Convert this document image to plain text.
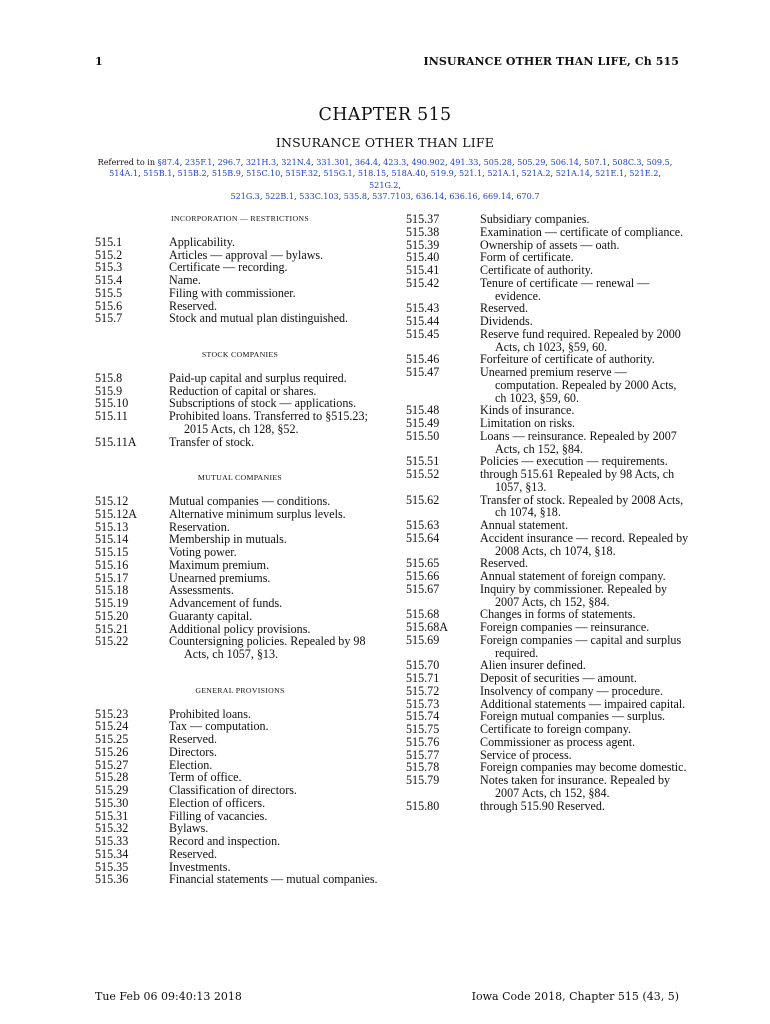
1	INSURANCE OTHER THAN LIFE, Ch 515
CHAPTER 515
INSURANCE OTHER THAN LIFE
Referred to in §87.4, 235F.1, 296.7, 321H.3, 321N.4, 331.301, 364.4, 423.3, 490.902, 491.33, 505.28, 505.29, 506.14, 507.1, 508C.3, 509.5,
514A.1, 515B.1, 515B.2, 515B.9, 515C.10, 515F.32, 515G.1, 518.15, 518A.40, 519.9, 521.1, 521A.1, 521A.2, 521A.14, 521E.1, 521E.2, 521G.2,
521G.3, 522B.1, 533C.103, 535.8, 537.7103, 636.14, 636.16, 669.14, 670.7
INCORPORATION — RESTRICTIONS
515.1	Applicability.
515.2	Articles — approval — bylaws.
515.3	Certificate — recording.
515.4	Name.
515.5	Filing with commissioner.
515.6	Reserved.
515.7	Stock and mutual plan distinguished.
STOCK COMPANIES
515.8	Paid-up capital and surplus required.
515.9	Reduction of capital or shares.
515.10	Subscriptions of stock — applications.
515.11	Prohibited loans. Transferred to §515.23; 2015 Acts, ch 128, §52.
515.11A	Transfer of stock.
MUTUAL COMPANIES
515.12	Mutual companies — conditions.
515.12A	Alternative minimum surplus levels.
515.13	Reservation.
515.14	Membership in mutuals.
515.15	Voting power.
515.16	Maximum premium.
515.17	Unearned premiums.
515.18	Assessments.
515.19	Advancement of funds.
515.20	Guaranty capital.
515.21	Additional policy provisions.
515.22	Countersigning policies. Repealed by 98 Acts, ch 1057, §13.
GENERAL PROVISIONS
515.23	Prohibited loans.
515.24	Tax — computation.
515.25	Reserved.
515.26	Directors.
515.27	Election.
515.28	Term of office.
515.29	Classification of directors.
515.30	Election of officers.
515.31	Filling of vacancies.
515.32	Bylaws.
515.33	Record and inspection.
515.34	Reserved.
515.35	Investments.
515.36	Financial statements — mutual companies.
515.37	Subsidiary companies.
515.38	Examination — certificate of compliance.
515.39	Ownership of assets — oath.
515.40	Form of certificate.
515.41	Certificate of authority.
515.42	Tenure of certificate — renewal — evidence.
515.43	Reserved.
515.44	Dividends.
515.45	Reserve fund required. Repealed by 2000 Acts, ch 1023, §59, 60.
515.46	Forfeiture of certificate of authority.
515.47	Unearned premium reserve — computation. Repealed by 2000 Acts, ch 1023, §59, 60.
515.48	Kinds of insurance.
515.49	Limitation on risks.
515.50	Loans — reinsurance. Repealed by 2007 Acts, ch 152, §84.
515.51	Policies — execution — requirements.
515.52	through 515.61 Repealed by 98 Acts, ch 1057, §13.
515.62	Transfer of stock. Repealed by 2008 Acts, ch 1074, §18.
515.63	Annual statement.
515.64	Accident insurance — record. Repealed by 2008 Acts, ch 1074, §18.
515.65	Reserved.
515.66	Annual statement of foreign company.
515.67	Inquiry by commissioner. Repealed by 2007 Acts, ch 152, §84.
515.68	Changes in forms of statements.
515.68A	Foreign companies — reinsurance.
515.69	Foreign companies — capital and surplus required.
515.70	Alien insurer defined.
515.71	Deposit of securities — amount.
515.72	Insolvency of company — procedure.
515.73	Additional statements — impaired capital.
515.74	Foreign mutual companies — surplus.
515.75	Certificate to foreign company.
515.76	Commissioner as process agent.
515.77	Service of process.
515.78	Foreign companies may become domestic.
515.79	Notes taken for insurance. Repealed by 2007 Acts, ch 152, §84.
515.80	through 515.90 Reserved.
Tue Feb 06 09:40:13 2018	Iowa Code 2018, Chapter 515 (43, 5)
